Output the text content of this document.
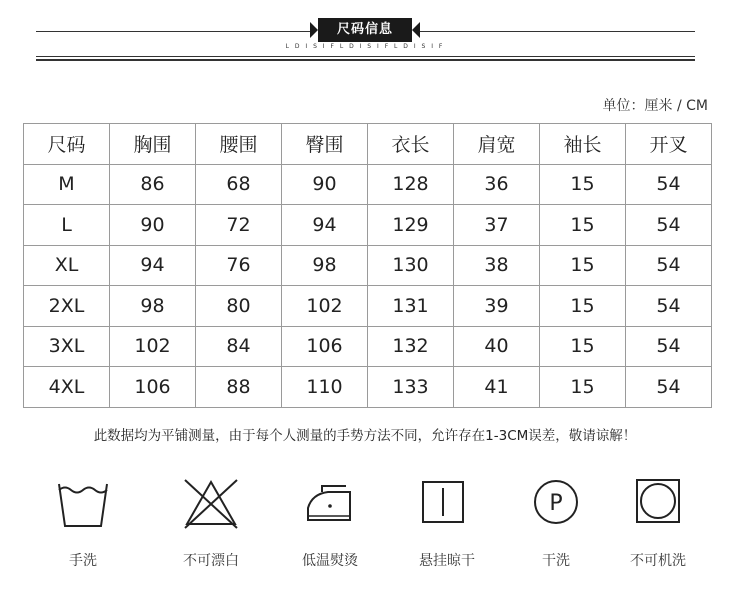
尺码信息
L D I S I F L D I S I F L D I S I F
单位：厘米 / CM
尺码	胸围	腰围	臀围	衣长	肩宽	袖长	开叉
M	86	68	90	128	36	15	54
L	90	72	94	129	37	15	54
XL	94	76	98	130	38	15	54
2XL	98	80	102	131	39	15	54
3XL	102	84	106	132	40	15	54
4XL	106	88	110	133	41	15	54
此数据均为平铺测量，由于每个人测量的手势方法不同，允许存在1-3CM误差，敬请谅解！
手洗	不可漂白	低温熨烫	悬挂晾干
P
干洗	不可机洗
